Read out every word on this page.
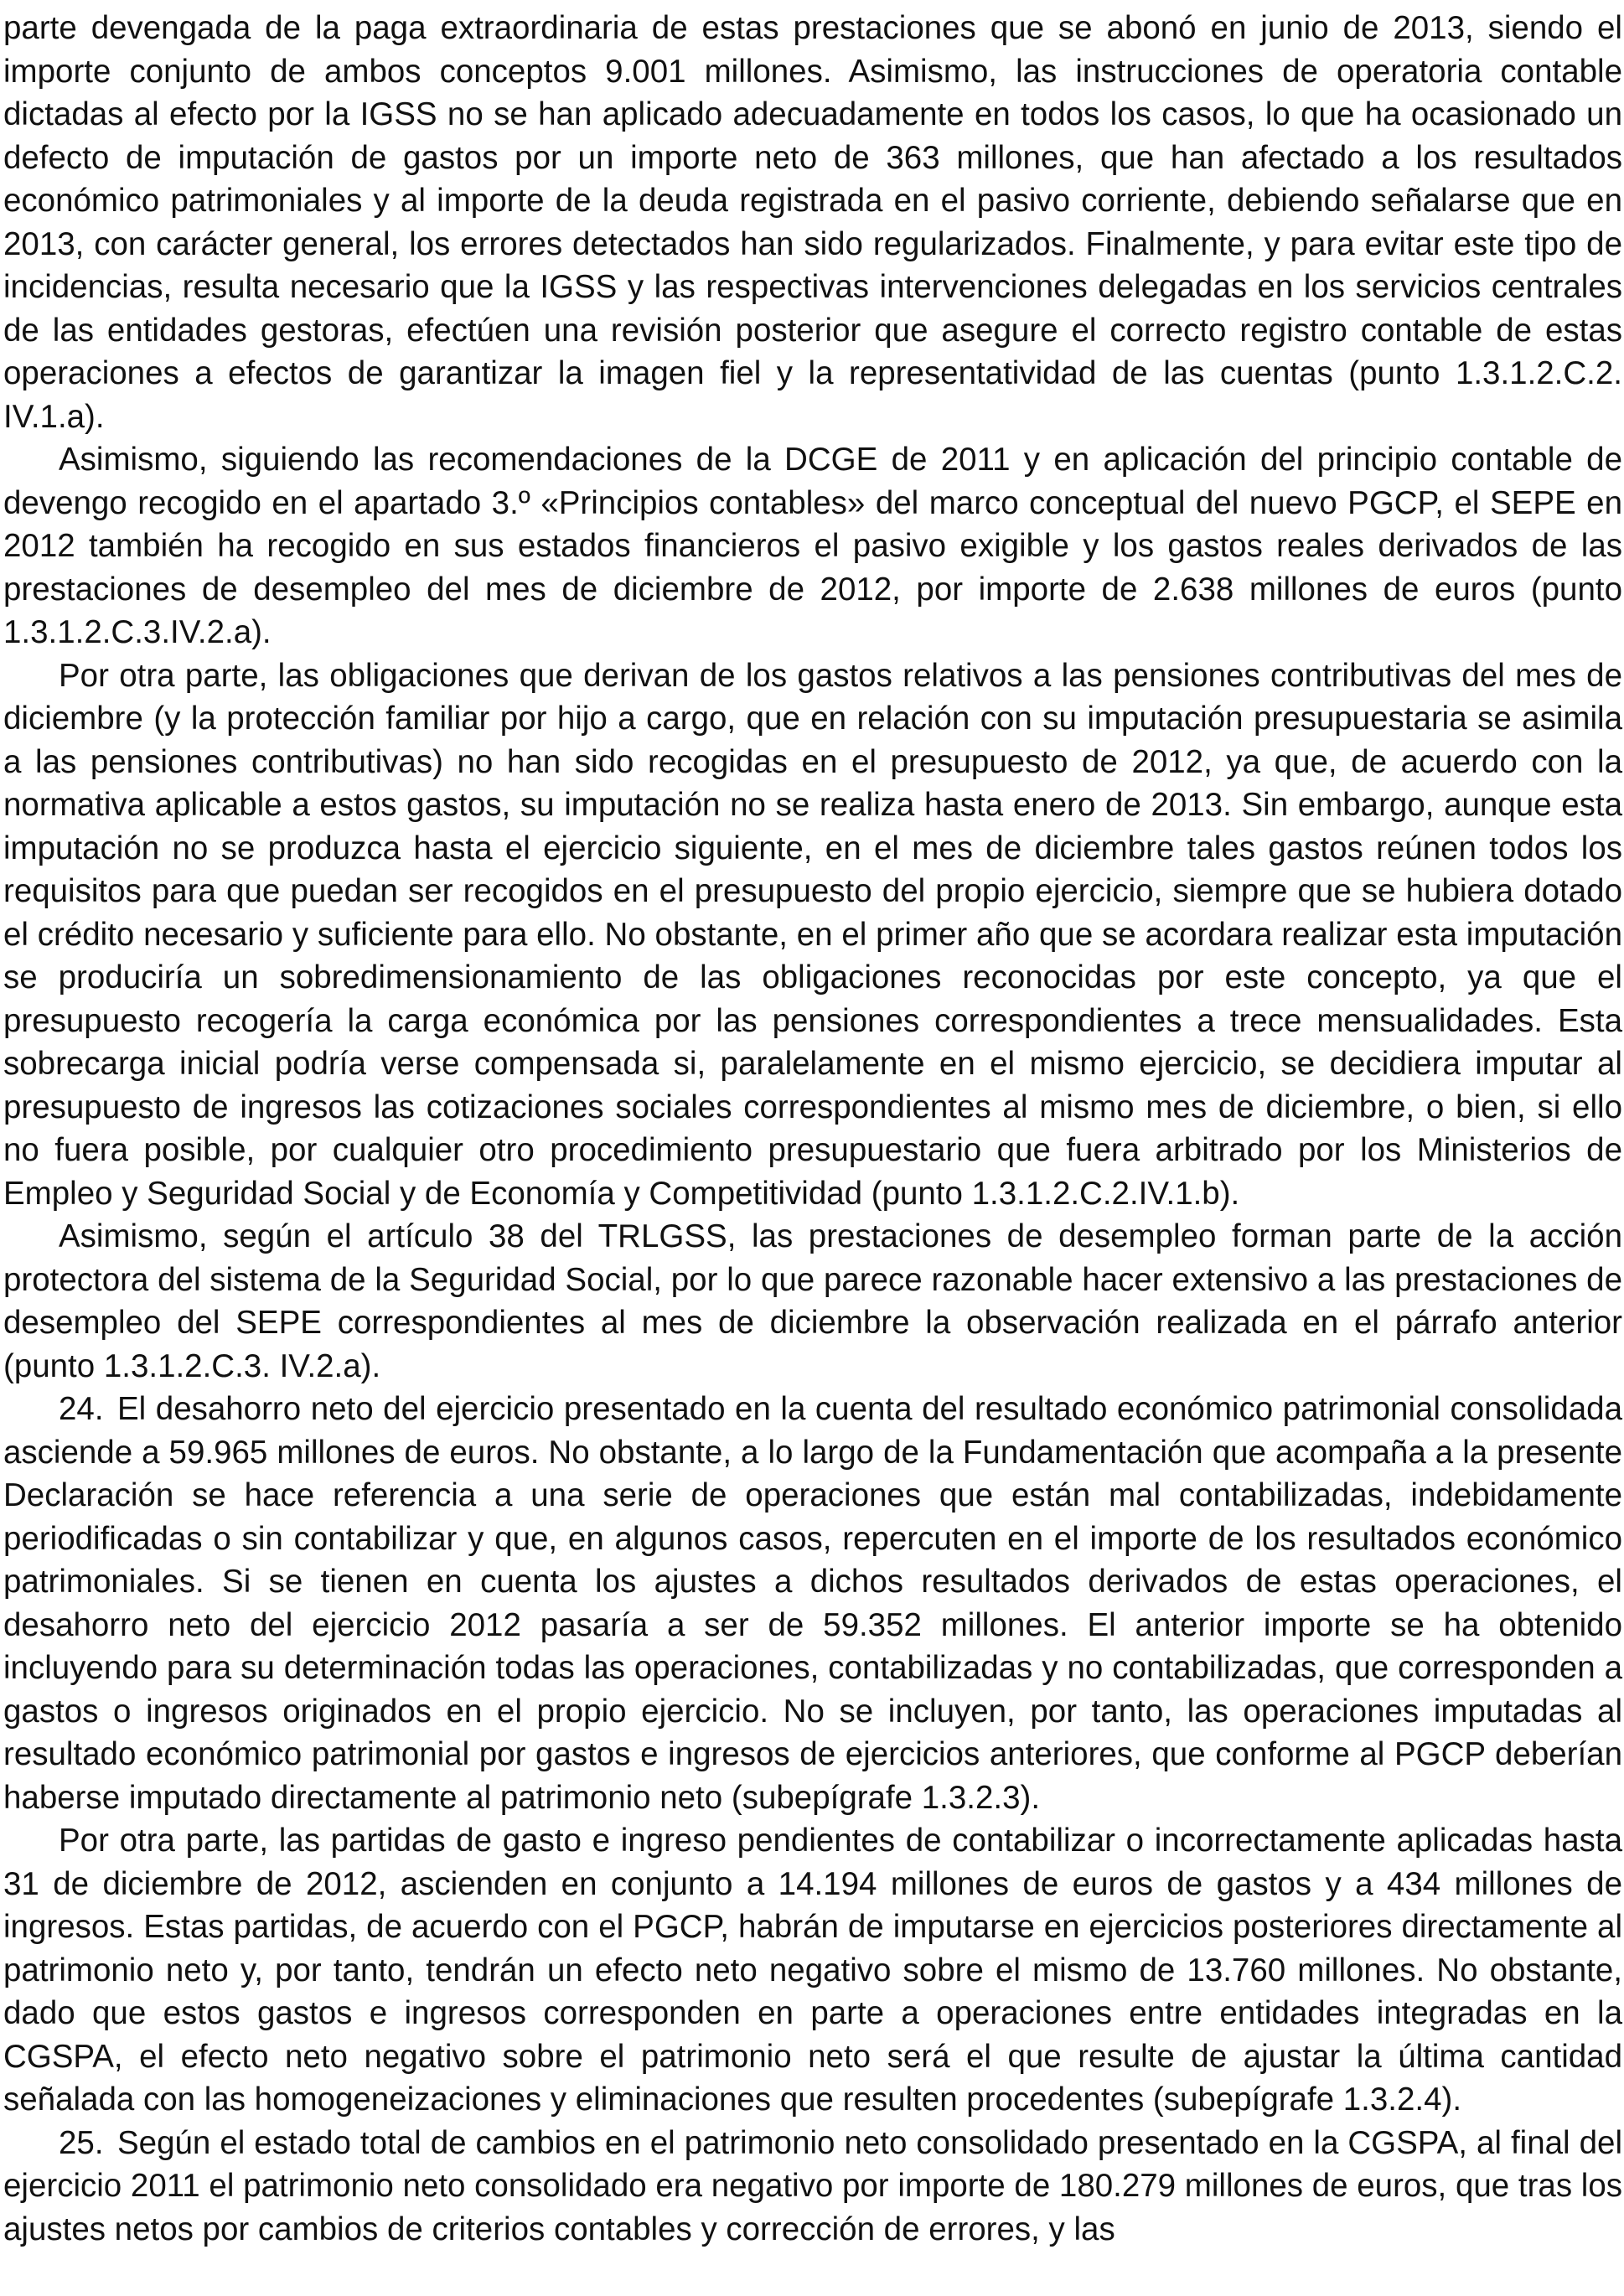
parte devengada de la paga extraordinaria de estas prestaciones que se abonó en junio de 2013, siendo el importe conjunto de ambos conceptos 9.001 millones. Asimismo, las instrucciones de operatoria contable dictadas al efecto por la IGSS no se han aplicado adecuadamente en todos los casos, lo que ha ocasionado un defecto de imputación de gastos por un importe neto de 363 millones, que han afectado a los resultados económico patrimoniales y al importe de la deuda registrada en el pasivo corriente, debiendo señalarse que en 2013, con carácter general, los errores detectados han sido regularizados. Finalmente, y para evitar este tipo de incidencias, resulta necesario que la IGSS y las respectivas intervenciones delegadas en los servicios centrales de las entidades gestoras, efectúen una revisión posterior que asegure el correcto registro contable de estas operaciones a efectos de garantizar la imagen fiel y la representatividad de las cuentas (punto 1.3.1.2.C.2. IV.1.a).

Asimismo, siguiendo las recomendaciones de la DCGE de 2011 y en aplicación del principio contable de devengo recogido en el apartado 3.º «Principios contables» del marco conceptual del nuevo PGCP, el SEPE en 2012 también ha recogido en sus estados financieros el pasivo exigible y los gastos reales derivados de las prestaciones de desempleo del mes de diciembre de 2012, por importe de 2.638 millones de euros (punto 1.3.1.2.C.3.IV.2.a).

Por otra parte, las obligaciones que derivan de los gastos relativos a las pensiones contributivas del mes de diciembre (y la protección familiar por hijo a cargo, que en relación con su imputación presupuestaria se asimila a las pensiones contributivas) no han sido recogidas en el presupuesto de 2012, ya que, de acuerdo con la normativa aplicable a estos gastos, su imputación no se realiza hasta enero de 2013. Sin embargo, aunque esta imputación no se produzca hasta el ejercicio siguiente, en el mes de diciembre tales gastos reúnen todos los requisitos para que puedan ser recogidos en el presupuesto del propio ejercicio, siempre que se hubiera dotado el crédito necesario y suficiente para ello. No obstante, en el primer año que se acordara realizar esta imputación se produciría un sobredimensionamiento de las obligaciones reconocidas por este concepto, ya que el presupuesto recogería la carga económica por las pensiones correspondientes a trece mensualidades. Esta sobrecarga inicial podría verse compensada si, paralelamente en el mismo ejercicio, se decidiera imputar al presupuesto de ingresos las cotizaciones sociales correspondientes al mismo mes de diciembre, o bien, si ello no fuera posible, por cualquier otro procedimiento presupuestario que fuera arbitrado por los Ministerios de Empleo y Seguridad Social y de Economía y Competitividad (punto 1.3.1.2.C.2.IV.1.b).

Asimismo, según el artículo 38 del TRLGSS, las prestaciones de desempleo forman parte de la acción protectora del sistema de la Seguridad Social, por lo que parece razonable hacer extensivo a las prestaciones de desempleo del SEPE correspondientes al mes de diciembre la observación realizada en el párrafo anterior (punto 1.3.1.2.C.3. IV.2.a).

24. El desahorro neto del ejercicio presentado en la cuenta del resultado económico patrimonial consolidada asciende a 59.965 millones de euros. No obstante, a lo largo de la Fundamentación que acompaña a la presente Declaración se hace referencia a una serie de operaciones que están mal contabilizadas, indebidamente periodificadas o sin contabilizar y que, en algunos casos, repercuten en el importe de los resultados económico patrimoniales. Si se tienen en cuenta los ajustes a dichos resultados derivados de estas operaciones, el desahorro neto del ejercicio 2012 pasaría a ser de 59.352 millones. El anterior importe se ha obtenido incluyendo para su determinación todas las operaciones, contabilizadas y no contabilizadas, que corresponden a gastos o ingresos originados en el propio ejercicio. No se incluyen, por tanto, las operaciones imputadas al resultado económico patrimonial por gastos e ingresos de ejercicios anteriores, que conforme al PGCP deberían haberse imputado directamente al patrimonio neto (subepígrafe 1.3.2.3).

Por otra parte, las partidas de gasto e ingreso pendientes de contabilizar o incorrectamente aplicadas hasta 31 de diciembre de 2012, ascienden en conjunto a 14.194 millones de euros de gastos y a 434 millones de ingresos. Estas partidas, de acuerdo con el PGCP, habrán de imputarse en ejercicios posteriores directamente al patrimonio neto y, por tanto, tendrán un efecto neto negativo sobre el mismo de 13.760 millones. No obstante, dado que estos gastos e ingresos corresponden en parte a operaciones entre entidades integradas en la CGSPA, el efecto neto negativo sobre el patrimonio neto será el que resulte de ajustar la última cantidad señalada con las homogeneizaciones y eliminaciones que resulten procedentes (subepígrafe 1.3.2.4).

25. Según el estado total de cambios en el patrimonio neto consolidado presentado en la CGSPA, al final del ejercicio 2011 el patrimonio neto consolidado era negativo por importe de 180.279 millones de euros, que tras los ajustes netos por cambios de criterios contables y corrección de errores, y las
